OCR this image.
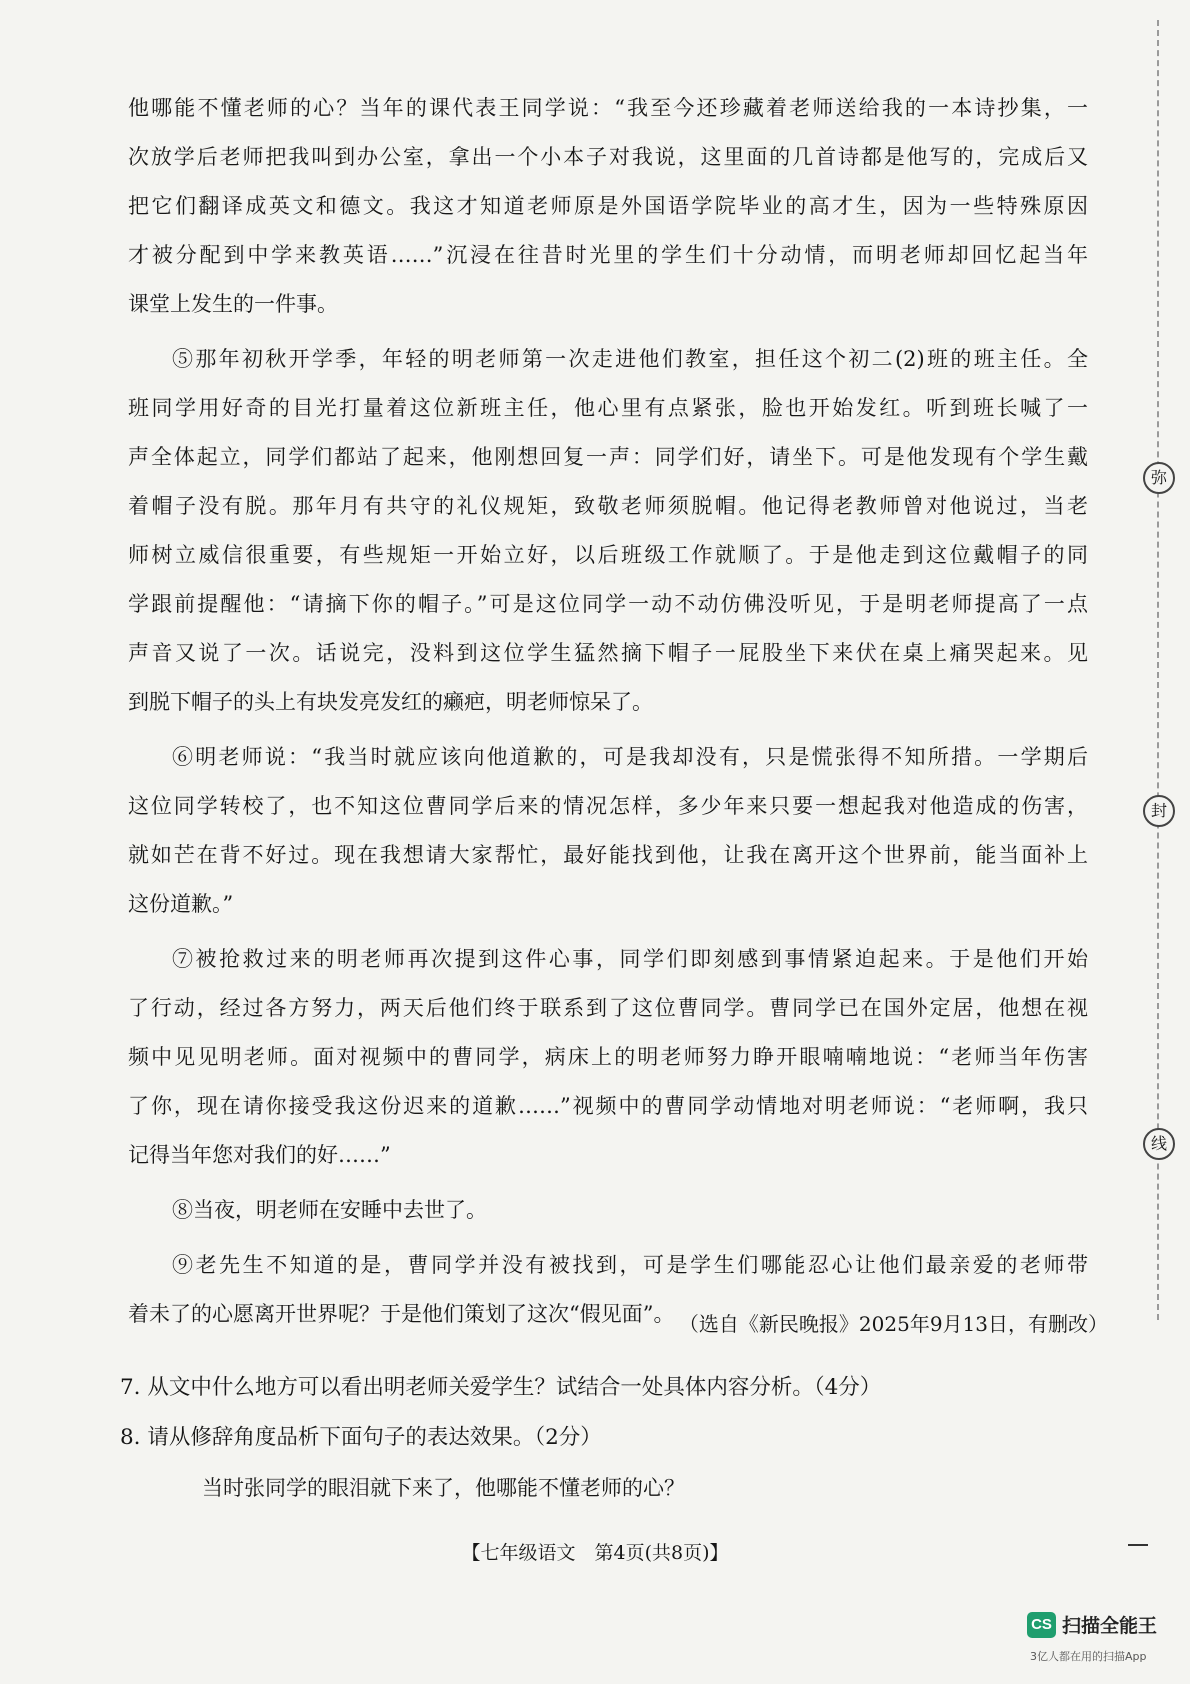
他哪能不懂老师的心？当年的课代表王同学说：“我至今还珍藏着老师送给我的一本诗抄集，一
次放学后老师把我叫到办公室，拿出一个小本子对我说，这里面的几首诗都是他写的，完成后又
把它们翻译成英文和德文。我这才知道老师原是外国语学院毕业的高才生，因为一些特殊原因
才被分配到中学来教英语……”沉浸在往昔时光里的学生们十分动情，而明老师却回忆起当年
课堂上发生的一件事。
⑤那年初秋开学季，年轻的明老师第一次走进他们教室，担任这个初二(2)班的班主任。全
班同学用好奇的目光打量着这位新班主任，他心里有点紧张，脸也开始发红。听到班长喊了一
声全体起立，同学们都站了起来，他刚想回复一声：同学们好，请坐下。可是他发现有个学生戴
着帽子没有脱。那年月有共守的礼仪规矩，致敬老师须脱帽。他记得老教师曾对他说过，当老
师树立威信很重要，有些规矩一开始立好，以后班级工作就顺了。于是他走到这位戴帽子的同
学跟前提醒他：“请摘下你的帽子。”可是这位同学一动不动仿佛没听见，于是明老师提高了一点
声音又说了一次。话说完，没料到这位学生猛然摘下帽子一屁股坐下来伏在桌上痛哭起来。见
到脱下帽子的头上有块发亮发红的癞疤，明老师惊呆了。
⑥明老师说：“我当时就应该向他道歉的，可是我却没有，只是慌张得不知所措。一学期后
这位同学转校了，也不知这位曹同学后来的情况怎样，多少年来只要一想起我对他造成的伤害，
就如芒在背不好过。现在我想请大家帮忙，最好能找到他，让我在离开这个世界前，能当面补上
这份道歉。”
⑦被抢救过来的明老师再次提到这件心事，同学们即刻感到事情紧迫起来。于是他们开始
了行动，经过各方努力，两天后他们终于联系到了这位曹同学。曹同学已在国外定居，他想在视
频中见见明老师。面对视频中的曹同学，病床上的明老师努力睁开眼喃喃地说：“老师当年伤害
了你，现在请你接受我这份迟来的道歉……”视频中的曹同学动情地对明老师说：“老师啊，我只
记得当年您对我们的好……”
⑧当夜，明老师在安睡中去世了。
⑨老先生不知道的是，曹同学并没有被找到，可是学生们哪能忍心让他们最亲爱的老师带
着未了的心愿离开世界呢？于是他们策划了这次“假见面”。 （选自《新民晚报》2025年9月13日，有删改）
7. 从文中什么地方可以看出明老师关爱学生？试结合一处具体内容分析。（4分）
8. 请从修辞角度品析下面句子的表达效果。（2分）
当时张同学的眼泪就下来了，他哪能不懂老师的心？
【七年级语文　第4页(共8页)】
弥
封
线
CS 扫描全能王
3亿人都在用的扫描App
